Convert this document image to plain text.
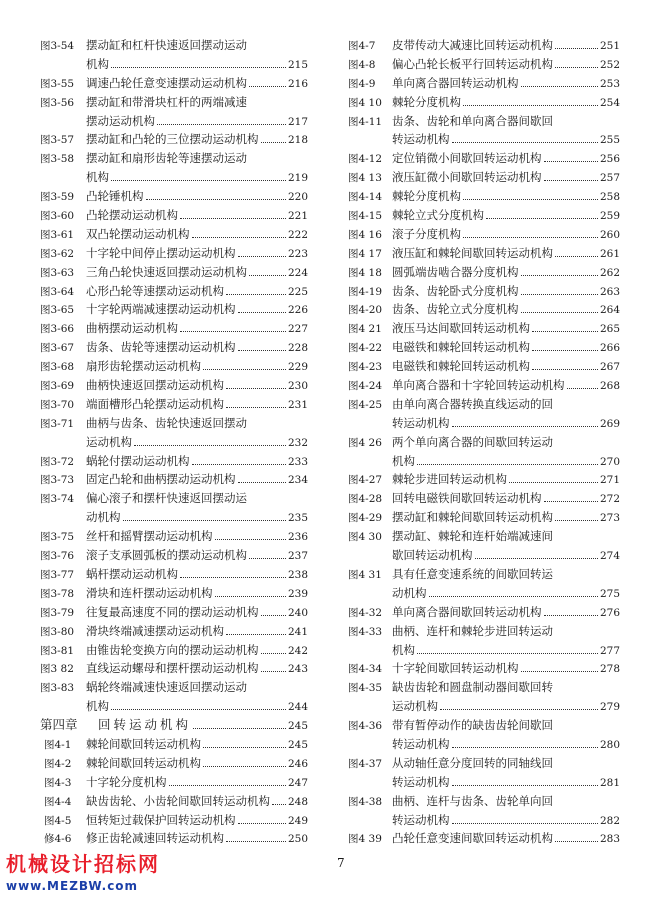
图3-54	摆动缸和杠杆快速返回摆动运动
机构	215
图3-55	调速凸轮任意变速摆动运动机构	216
图3-56	摆动缸和带滑块杠杆的两端减速
摆动运动机构	217
图3-57	摆动缸和凸轮的三位摆动运动机构	218
图3-58	摆动缸和扇形齿轮等速摆动运动
机构	219
图3-59	凸轮锤机构	220
图3-60	凸轮摆动运动机构	221
图3-61	双凸轮摆动运动机构	222
图3-62	十字轮中间停止摆动运动机构	223
图3-63	三角凸轮快速返回摆动运动机构	224
图3-64	心形凸轮等速摆动运动机构	225
图3-65	十字轮两端减速摆动运动机构	226
图3-66	曲柄摆动运动机构	227
图3-67	齿条、齿轮等速摆动运动机构	228
图3-68	扇形齿轮摆动运动机构	229
图3-69	曲柄快速返回摆动运动机构	230
图3-70	端面槽形凸轮摆动运动机构	231
图3-71	曲柄与齿条、齿轮快速返回摆动
运动机构	232
图3-72	蜗轮付摆动运动机构	233
图3-73	固定凸轮和曲柄摆动运动机构	234
图3-74	偏心滚子和摆杆快速返回摆动运
动机构	235
图3-75	丝杆和摇臂摆动运动机构	236
图3-76	滚子支承圆弧板的摆动运动机构	237
图3-77	蜗杆摆动运动机构	238
图3-78	滑块和连杆摆动运动机构	239
图3-79	往复最高速度不同的摆动运动机构	240
图3-80	滑块终端减速摆动运动机构	241
图3-81	由锥齿轮变换方向的摆动运动机构	242
图3 82	直线运动螺母和摆杆摆动运动机构	243
图3-83	蜗轮终端减速快速返回摆动运动
机构	244
第四章	回转运动机构	245
图4-1	棘轮间歇回转运动机构	245
图4-2	棘轮间歇回转运动机构	246
图4-3	十字轮分度机构	247
图4-4	缺齿齿轮、小齿轮间歇回转运动机构 248
图4-5	恒转矩过载保护回转运动机构	249
修4-6	修正齿轮减速回转运动机构	250
图4-7	皮带传动大减速比回转运动机构	251
图4-8	偏心凸轮长板平行回转运动机构	252
图4-9	单向离合器回转运动机构	253
图4 10 棘轮分度机构	254
图4-11 齿条、齿轮和单向离合器间歇回
转运动机构	255
图4-12 定位销微小间歇回转运动机构	256
图4 13 液压缸微小间歇回转运动机构	257
图4-14 棘轮分度机构	258
图4-15 棘轮立式分度机构	259
图4 16 滚子分度机构	260
图4 17 液压缸和棘轮间歇回转运动机构	261
图4 18 圆弧端齿啮合器分度机构	262
图4-19 齿条、齿轮卧式分度机构	263
图4-20 齿条、齿轮立式分度机构	264
图4 21 液压马达间歇回转运动机构	265
图4-22 电磁铁和棘轮回转运动机构	266
图4-23 电磁铁和棘轮回转运动机构	267
图4-24 单向离合器和十字轮回转运动机构	268
图4-25 由单向离合器转换直线运动的回
转运动机构	269
图4 26 两个单向离合器的间歇回转运动
机构	270
图4-27 棘轮步进回转运动机构	271
图4-28 回转电磁铁间歇回转运动机构	272
图4-29 摆动缸和棘轮间歇回转运动机构	273
图4 30 摆动缸、棘轮和连杆始端减速间
歇回转运动机构	274
图4 31 具有任意变速系统的间歇回转运
动机构	275
图4-32 单向离合器间歇回转运动机构	276
图4-33 曲柄、连杆和棘轮步进回转运动
机构	277
图4-34 十字轮间歇回转运动机构	278
图4-35 缺齿齿轮和圆盘制动器间歇回转
运动机构	279
图4-36 带有暂停动作的缺齿齿轮间歇回
转运动机构	280
图4-37 从动轴任意分度回转的同轴线回
转运动机构	281
图4-38 曲柄、连杆与齿条、齿轮单向回
转运动机构	282
图4 39 凸轮任意变速间歇回转运动机构	283
7
机械设计招标网
www.MEZBW.com
